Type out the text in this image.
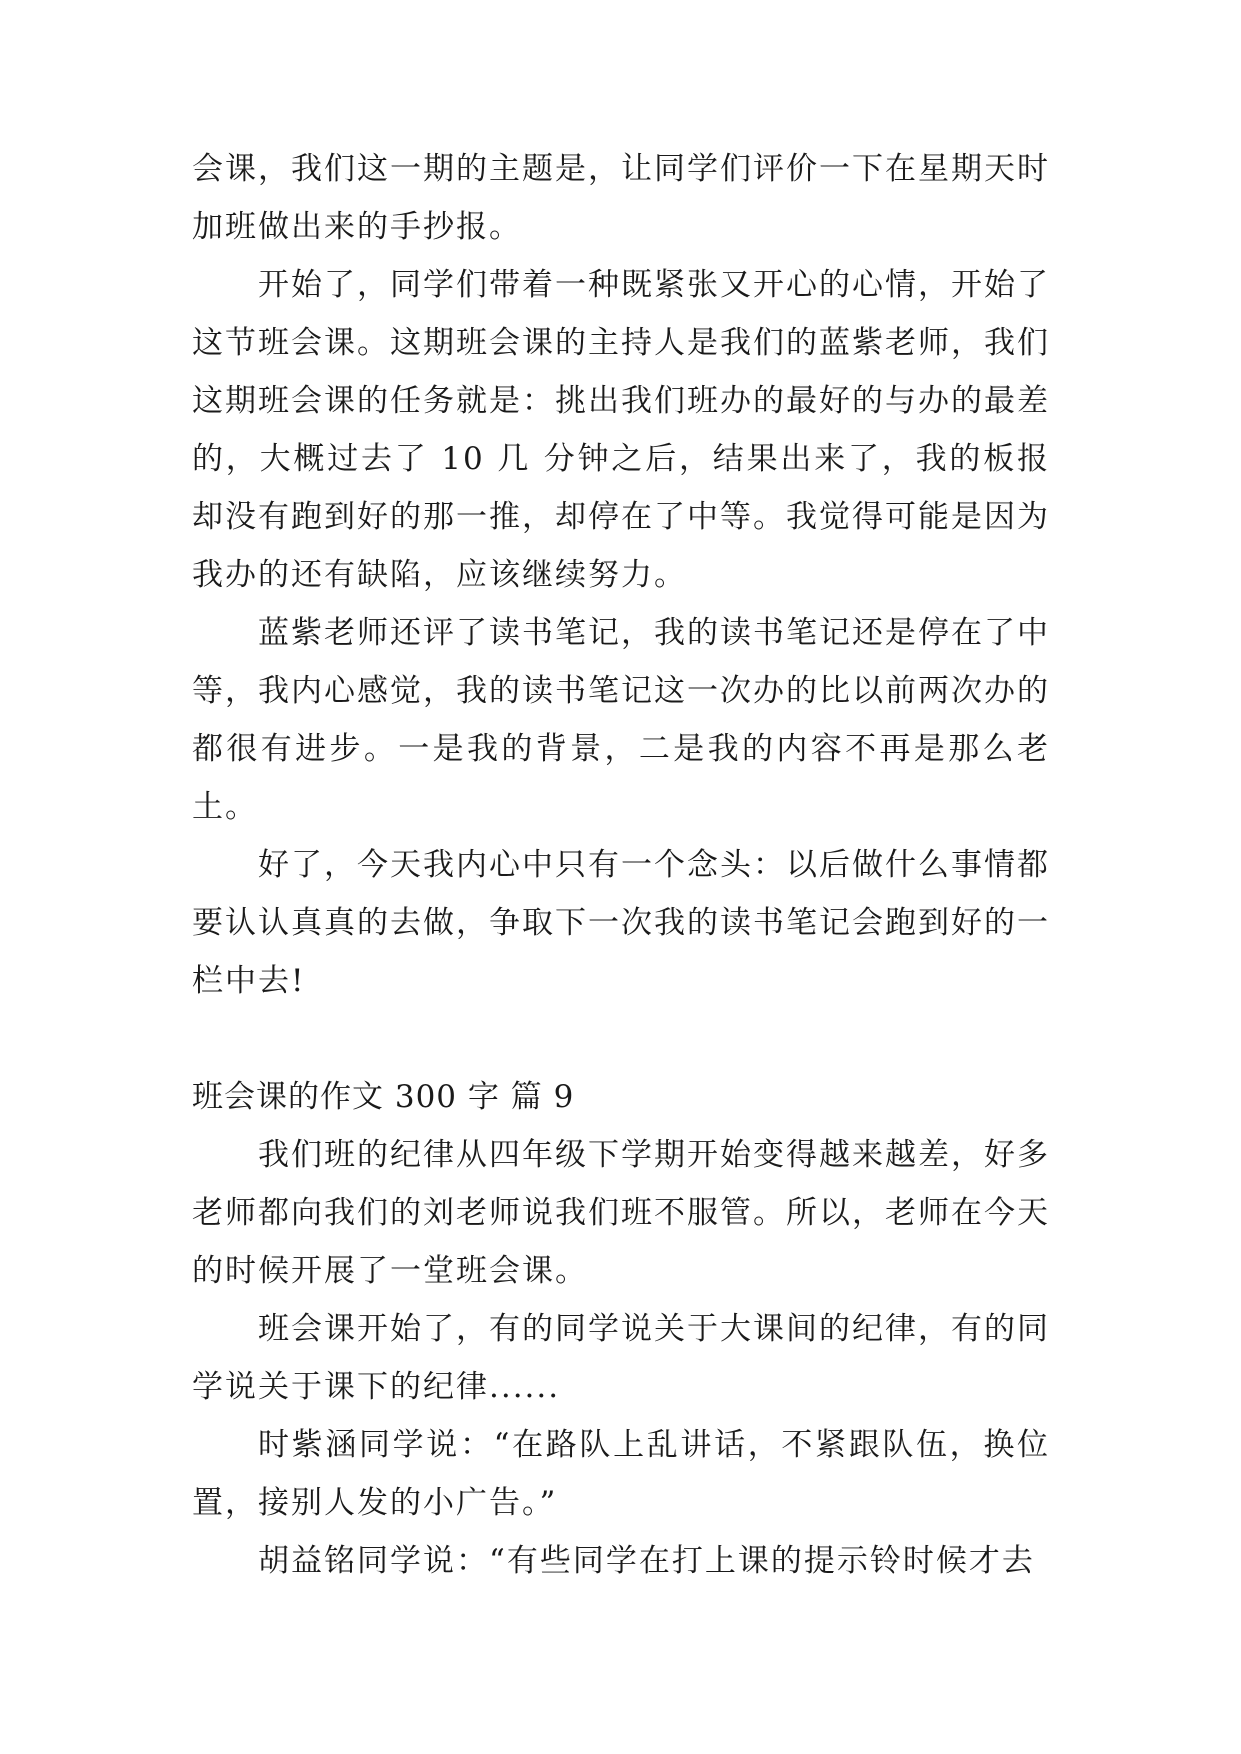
会课，我们这一期的主题是，让同学们评价一下在星期天时加班做出来的手抄报。

开始了，同学们带着一种既紧张又开心的心情，开始了这节班会课。这期班会课的主持人是我们的蓝紫老师，我们这期班会课的任务就是：挑出我们班办的最好的与办的最差的，大概过去了 10 几 分钟之后，结果出来了，我的板报却没有跑到好的那一推，却停在了中等。我觉得可能是因为我办的还有缺陷，应该继续努力。

蓝紫老师还评了读书笔记，我的读书笔记还是停在了中等，我内心感觉，我的读书笔记这一次办的比以前两次办的都很有进步。一是我的背景，二是我的内容不再是那么老土。

好了，今天我内心中只有一个念头：以后做什么事情都要认认真真的去做，争取下一次我的读书笔记会跑到好的一栏中去!

班会课的作文 300 字 篇 9

我们班的纪律从四年级下学期开始变得越来越差，好多老师都向我们的刘老师说我们班不服管。所以，老师在今天的时候开展了一堂班会课。

班会课开始了，有的同学说关于大课间的纪律，有的同学说关于课下的纪律......

时紫涵同学说：“在路队上乱讲话，不紧跟队伍，换位置，接别人发的小广告。”

胡益铭同学说：“有些同学在打上课的提示铃时候才去
